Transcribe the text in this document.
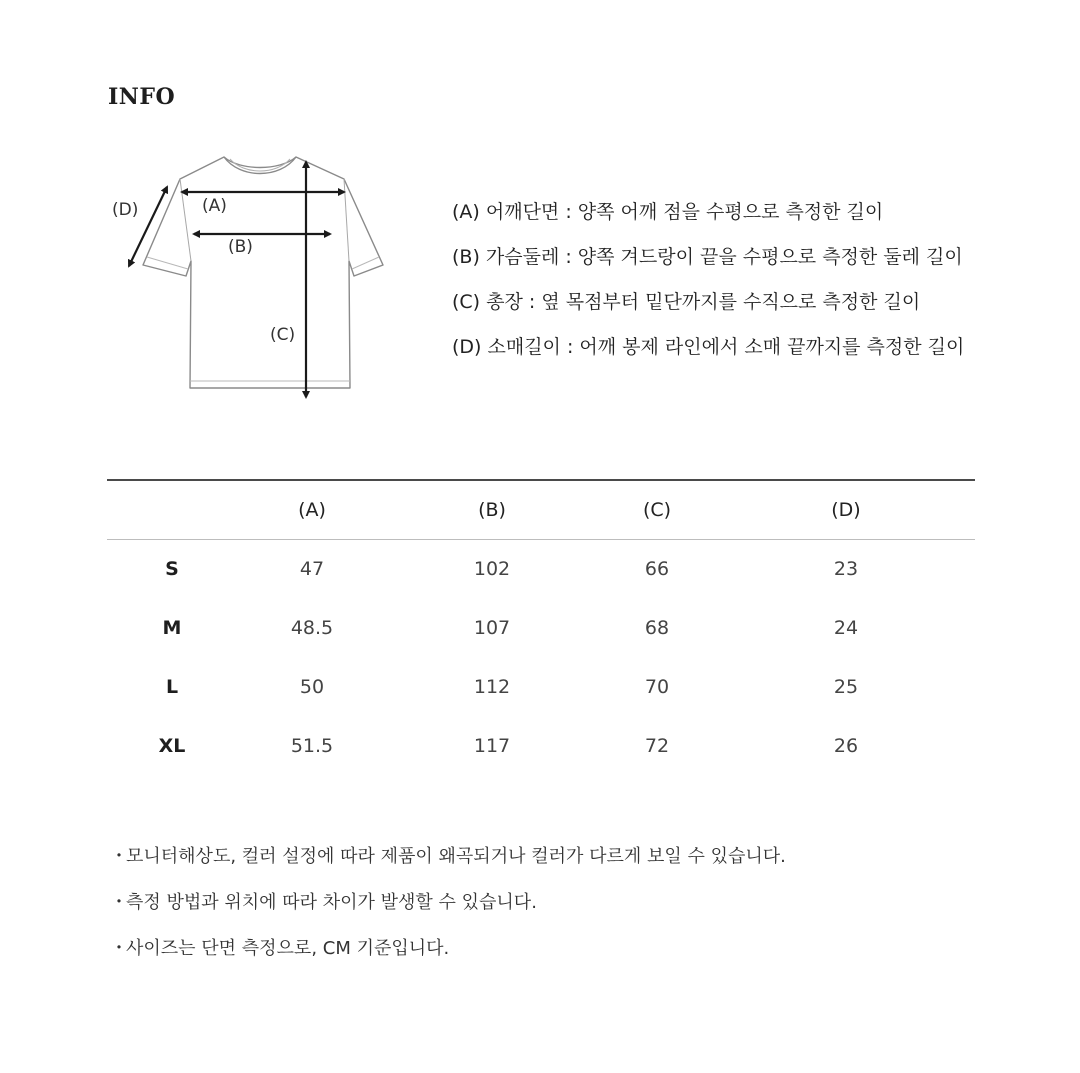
INFO
(D)	(A)
(B)
(C)
(A) 어깨단면 : 양쪽 어깨 점을 수평으로 측정한 길이
(B) 가슴둘레 : 양쪽 겨드랑이 끝을 수평으로 측정한 둘레 길이
(C) 총장 : 옆 목점부터 밑단까지를 수직으로 측정한 길이
(D) 소매길이 : 어깨 봉제 라인에서 소매 끝까지를 측정한 길이
	(A)	(B)	(C)	(D)
S	47	102	66	23
M	48.5	107	68	24
L	50	112	70	25
XL	51.5	117	72	26
・모니터해상도, 컬러 설정에 따라 제품이 왜곡되거나 컬러가 다르게 보일 수 있습니다.
・측정 방법과 위치에 따라 차이가 발생할 수 있습니다.
・사이즈는 단면 측정으로, CM 기준입니다.
